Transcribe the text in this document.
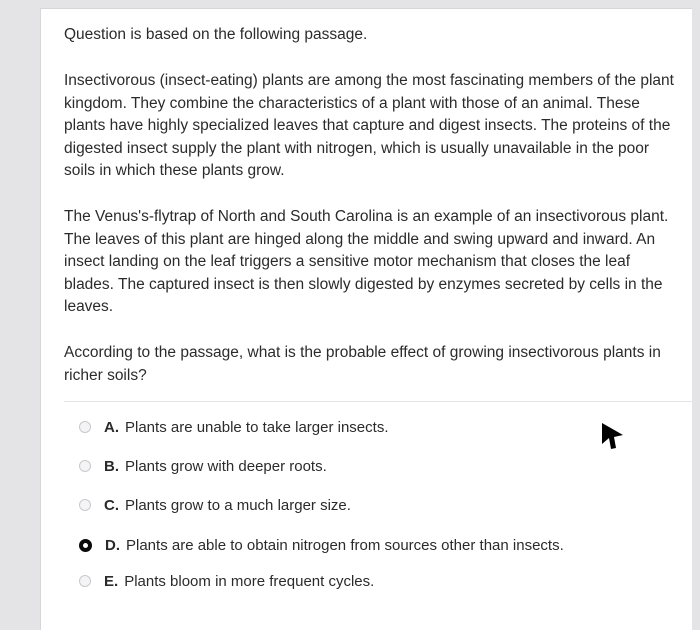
Question is based on the following passage.

Insectivorous (insect-eating) plants are among the most fascinating members of the plant
kingdom. They combine the characteristics of a plant with those of an animal. These
plants have highly specialized leaves that capture and digest insects. The proteins of the
digested insect supply the plant with nitrogen, which is usually unavailable in the poor
soils in which these plants grow.

The Venus's-flytrap of North and South Carolina is an example of an insectivorous plant.
The leaves of this plant are hinged along the middle and swing upward and inward. An
insect landing on the leaf triggers a sensitive motor mechanism that closes the leaf
blades. The captured insect is then slowly digested by enzymes secreted by cells in the
leaves.

According to the passage, what is the probable effect of growing insectivorous plants in
richer soils?

A. Plants are unable to take larger insects.
B. Plants grow with deeper roots.
C. Plants grow to a much larger size.
D. Plants are able to obtain nitrogen from sources other than insects.
E. Plants bloom in more frequent cycles.
